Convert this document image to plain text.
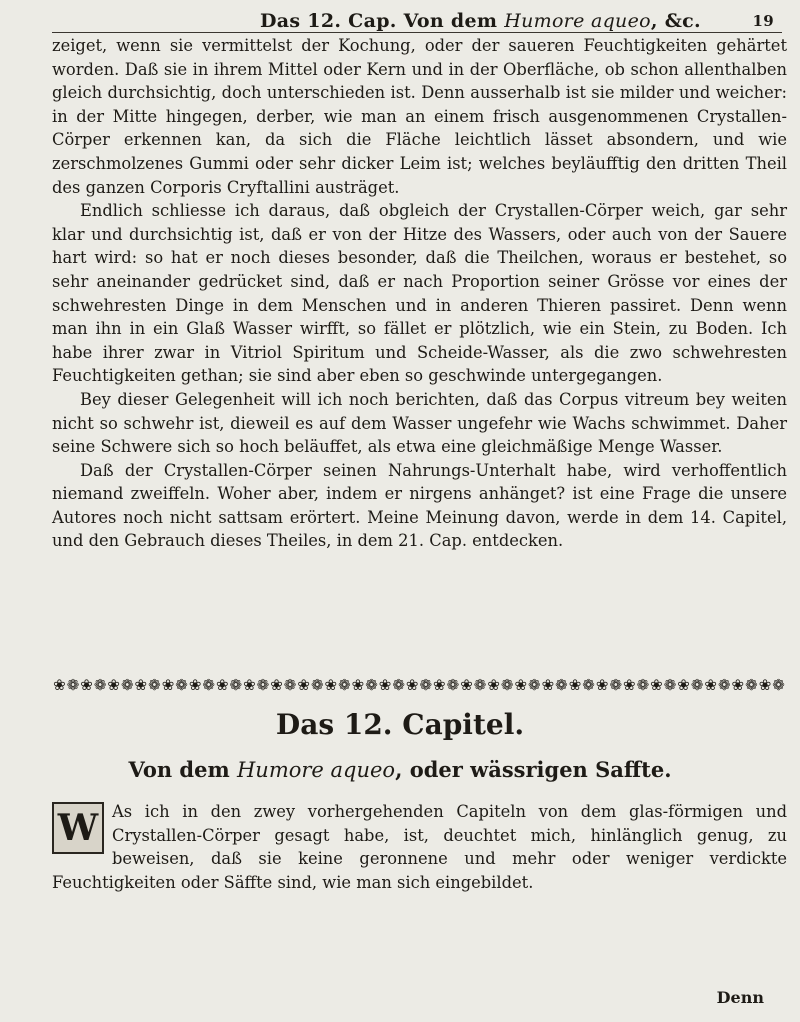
Das 12. Cap. Von dem Humore aqueo, &c.	19

zeiget, wenn sie vermittelst der Kochung, oder der saueren Feuchtigkeiten gehärtet worden. Daß sie in ihrem Mittel oder Kern und in der Oberfläche, ob schon allenthalben gleich durchsichtig, doch unterschieden ist. Denn ausserhalb ist sie milder und weicher: in der Mitte hingegen, derber, wie man an einem frisch ausgenommenen Crystallen-Cörper erkennen kan, da sich die Fläche leichtlich lässet absondern, und wie zerschmolzenes Gummi oder sehr dicker Leim ist; welches beyläufftig den dritten Theil des ganzen Corporis Cryftallini austräget.

Endlich schliesse ich daraus, daß obgleich der Crystallen-Cörper weich, gar sehr klar und durchsichtig ist, daß er von der Hitze des Wassers, oder auch von der Sauere hart wird: so hat er noch dieses besonder, daß die Theilchen, woraus er bestehet, so sehr aneinander gedrücket sind, daß er nach Proportion seiner Grösse vor eines der schwehresten Dinge in dem Menschen und in anderen Thieren passiret. Denn wenn man ihn in ein Glaß Wasser wirfft, so fället er plötzlich, wie ein Stein, zu Boden. Ich habe ihrer zwar in Vitriol Spiritum und Scheide-Wasser, als die zwo schwehresten Feuchtigkeiten gethan; sie sind aber eben so geschwinde untergegangen.

Bey dieser Gelegenheit will ich noch berichten, daß das Corpus vitreum bey weiten nicht so schwehr ist, dieweil es auf dem Wasser ungefehr wie Wachs schwimmet. Daher seine Schwere sich so hoch beläuffet, als etwa eine gleichmäßige Menge Wasser.

Daß der Crystallen-Cörper seinen Nahrungs-Unterhalt habe, wird verhoffentlich niemand zweiffeln. Woher aber, indem er nirgens anhänget? ist eine Frage die unsere Autores noch nicht sattsam erörtert. Meine Meinung davon, werde in dem 14. Capitel, und den Gebrauch dieses Theiles, in dem 21. Cap. entdecken.

❀❁❀❁❀❁❀❁❀❁❀❁❀❁❀❁❀❁❀❁❀❁❀❁❀❁❀❁❀❁❀❁❀❁❀❁❀❁❀❁❀❁❀❁❀❁❀❁❀❁❀❁❀❁
Das 12. Capitel.
Von dem Humore aqueo, oder wässrigen Saffte.
W As ich in den zwey vorhergehenden Capiteln von dem glas-förmigen und Crystallen-Cörper gesagt habe, ist, deuchtet mich, hinlänglich genug, zu beweisen, daß sie keine geronnene und mehr oder weniger verdickte Feuchtigkeiten oder Säffte sind, wie man sich eingebildet.
Denn
